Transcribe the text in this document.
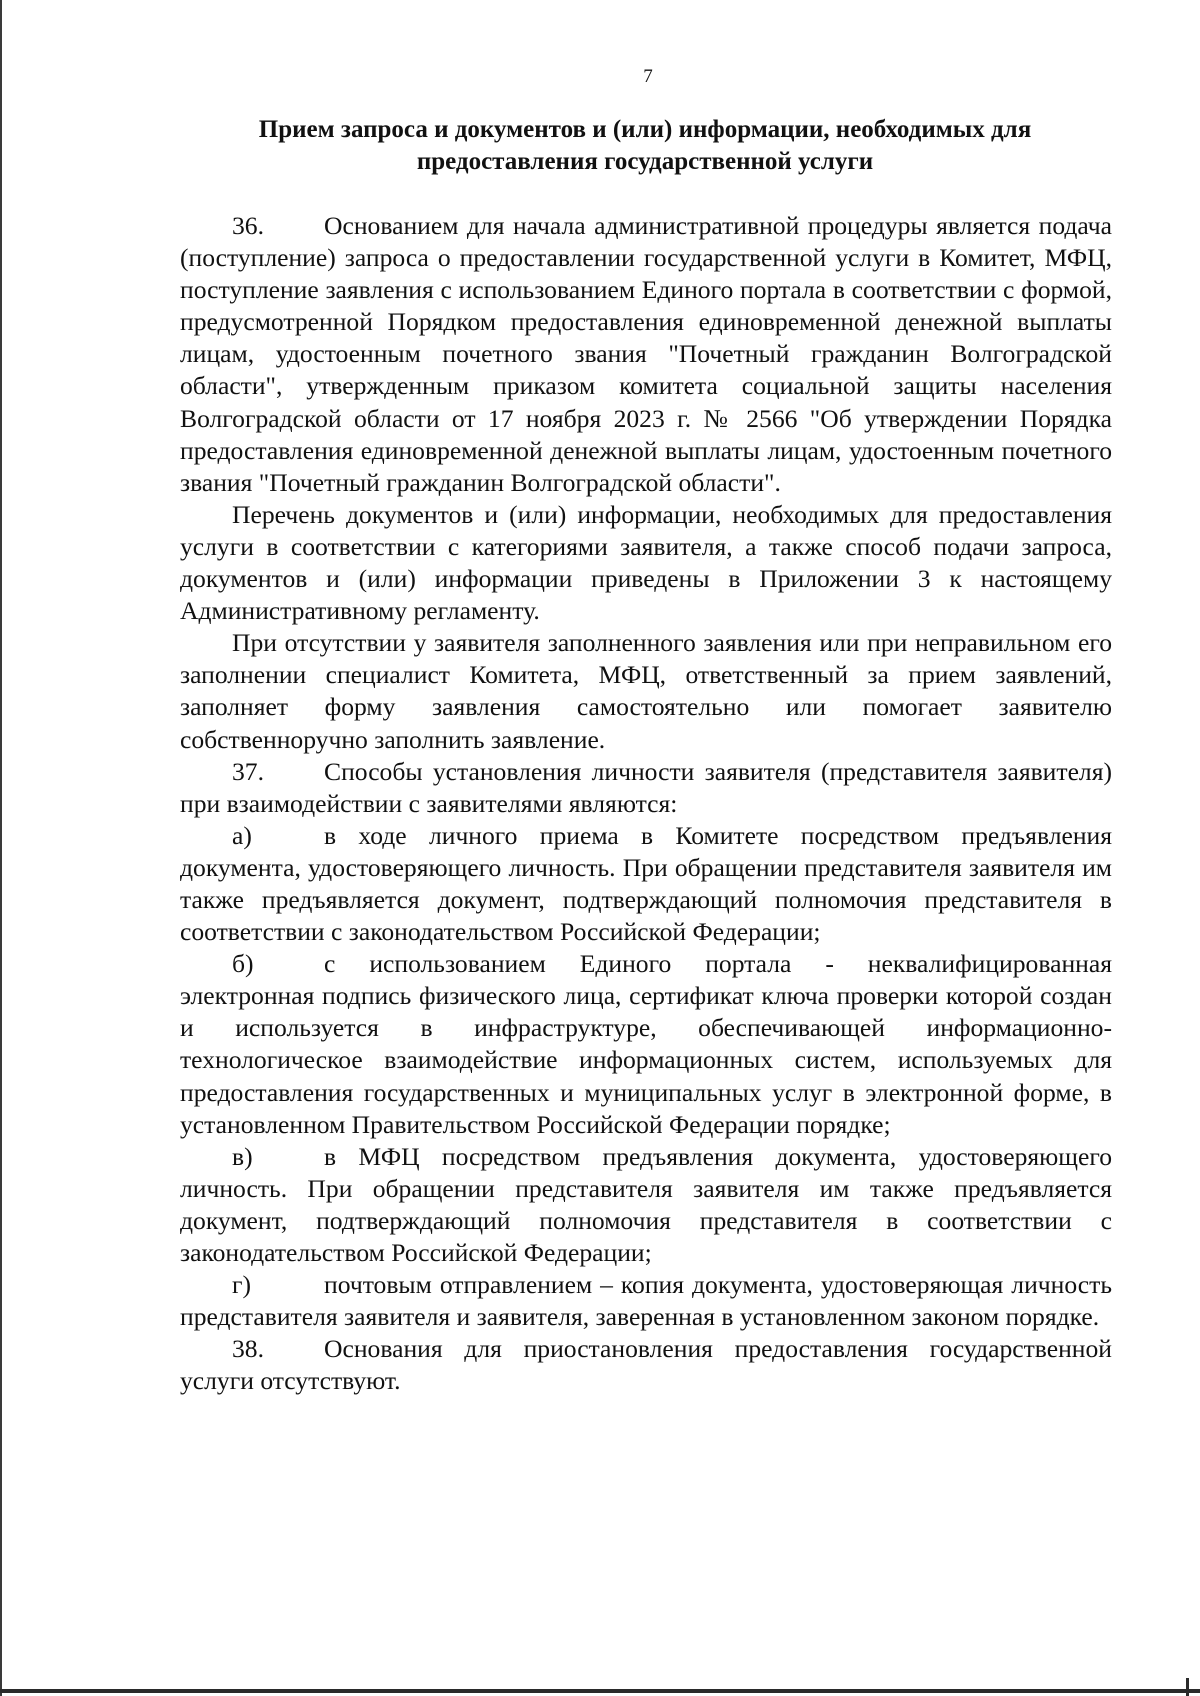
7
Прием запроса и документов и (или) информации, необходимых для
предоставления государственной услуги

36. Основанием для начала административной процедуры является подача (поступление) запроса о предоставлении государственной услуги в Комитет, МФЦ, поступление заявления с использованием Единого портала в соответствии с формой, предусмотренной Порядком предоставления единовременной денежной выплаты лицам, удостоенным почетного звания "Почетный гражданин Волгоградской области", утвержденным приказом комитета социальной защиты населения Волгоградской области от 17 ноября 2023 г. № 2566 "Об утверждении Порядка предоставления единовременной денежной выплаты лицам, удостоенным почетного звания "Почетный гражданин Волгоградской области".

Перечень документов и (или) информации, необходимых для предоставления услуги в соответствии с категориями заявителя, а также способ подачи запроса, документов и (или) информации приведены в Приложении 3 к настоящему Административному регламенту.

При отсутствии у заявителя заполненного заявления или при неправильном его заполнении специалист Комитета, МФЦ, ответственный за прием заявлений, заполняет форму заявления самостоятельно или помогает заявителю собственноручно заполнить заявление.

37. Способы установления личности заявителя (представителя заявителя) при взаимодействии с заявителями являются:

а)	в ходе личного приема в Комитете посредством предъявления документа, удостоверяющего личность. При обращении представителя заявителя им также предъявляется документ, подтверждающий полномочия представителя в соответствии с законодательством Российской Федерации;

б)	с использованием Единого портала - неквалифицированная электронная подпись физического лица, сертификат ключа проверки которой создан и используется в инфраструктуре, обеспечивающей информационно-технологическое взаимодействие информационных систем, используемых для предоставления государственных и муниципальных услуг в электронной форме, в установленном Правительством Российской Федерации порядке;

в)	в МФЦ посредством предъявления документа, удостоверяющего личность. При обращении представителя заявителя им также предъявляется документ, подтверждающий полномочия представителя в соответствии с законодательством Российской Федерации;

г)	почтовым отправлением – копия документа, удостоверяющая личность представителя заявителя и заявителя, заверенная в установленном законом порядке.

38. Основания для приостановления предоставления государственной услуги отсутствуют.
